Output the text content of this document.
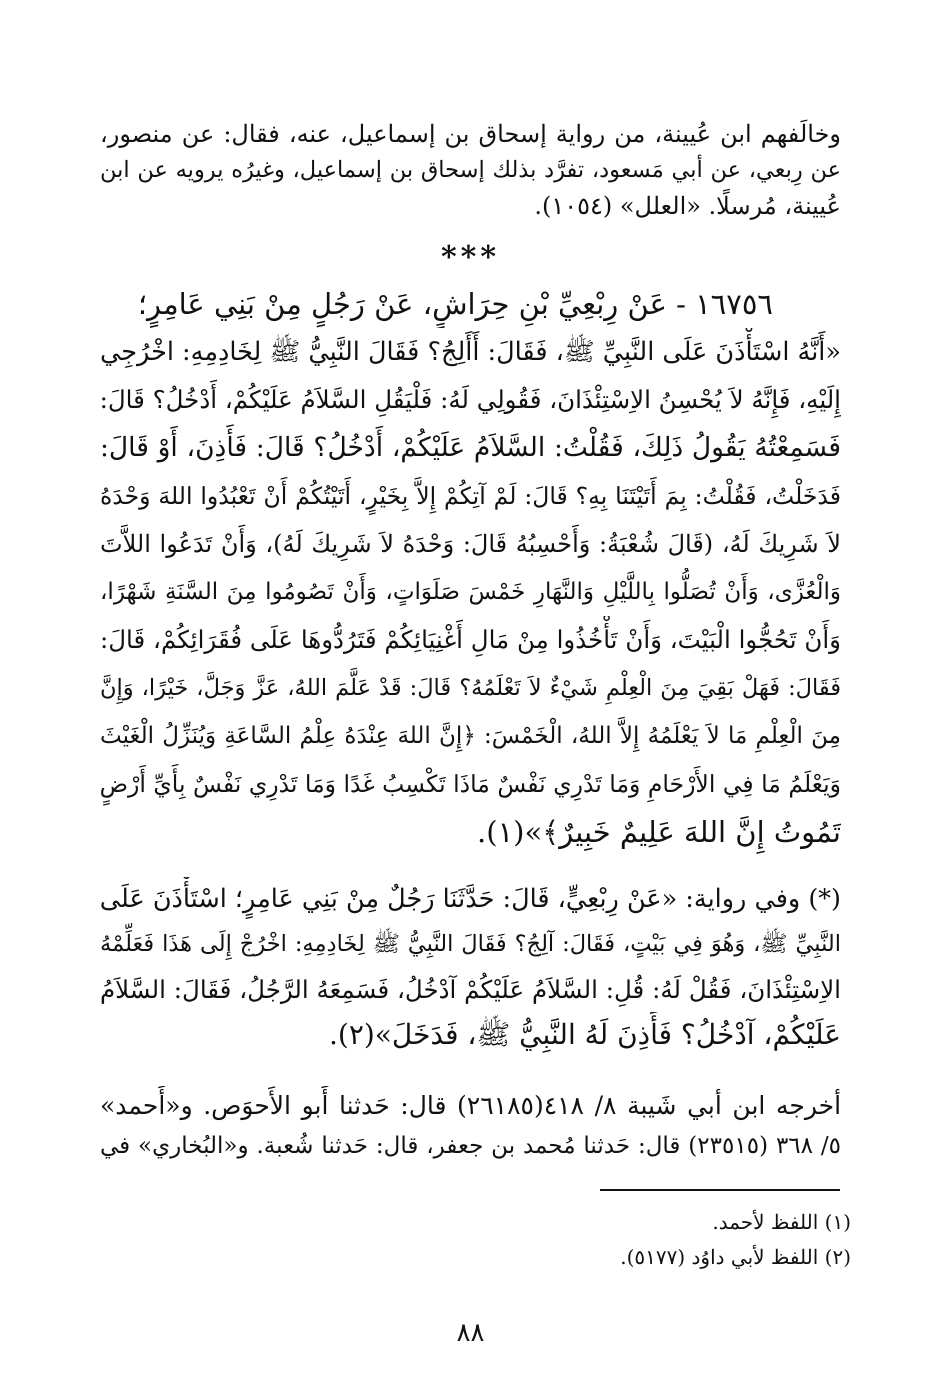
وخالَفهم ابن عُيينة، من رواية إسحاق بن إسماعيل، عنه، فقال: عن منصور،
عن رِبعي، عن أبي مَسعود، تفرَّد بذلك إسحاق بن إسماعيل، وغيرُه يرويه عن ابن
عُيينة، مُرسلًا. «العلل» (١٠٥٤).
***
١٦٧٥٦ - عَنْ رِبْعِيِّ بْنِ حِرَاشٍ، عَنْ رَجُلٍ مِنْ بَنِي عَامِرٍ؛
«أَنَّهُ اسْتَأْذَنَ عَلَى النَّبِيِّ ﷺ، فَقَالَ: أَأَلِجُ؟ فَقَالَ النَّبِيُّ ﷺ لِخَادِمِهِ: اخْرُجِي
إِلَيْهِ، فَإِنَّهُ لاَ يُحْسِنُ الاِسْتِئْذَانَ، فَقُولِي لَهُ: فَلْيَقُلِ السَّلاَمُ عَلَيْكُمْ، أَدْخُلُ؟ قَالَ:
فَسَمِعْتُهُ يَقُولُ ذَلِكَ، فَقُلْتُ: السَّلاَمُ عَلَيْكُمْ، أَدْخُلُ؟ قَالَ: فَأَذِنَ، أَوْ قَالَ:
فَدَخَلْتُ، فَقُلْتُ: بِمَ أَتَيْتَنَا بِهِ؟ قَالَ: لَمْ آتِكُمْ إِلاَّ بِخَيْرٍ، أَتَيْتُكُمْ أَنْ تَعْبُدُوا اللهَ وَحْدَهُ
لاَ شَرِيكَ لَهُ، (قَالَ شُعْبَةُ: وَأَحْسِبُهُ قَالَ: وَحْدَهُ لاَ شَرِيكَ لَهُ)، وَأَنْ تَدَعُوا اللاَّتَ
وَالْعُزَّى، وَأَنْ تُصَلُّوا بِاللَّيْلِ وَالنَّهَارِ خَمْسَ صَلَوَاتٍ، وَأَنْ تَصُومُوا مِنَ السَّنَةِ شَهْرًا،
وَأَنْ تَحُجُّوا الْبَيْتَ، وَأَنْ تَأْخُذُوا مِنْ مَالِ أَغْنِيَائِكُمْ فَتَرُدُّوهَا عَلَى فُقَرَائِكُمْ، قَالَ:
فَقَالَ: فَهَلْ بَقِيَ مِنَ الْعِلْمِ شَيْءٌ لاَ تَعْلَمُهُ؟ قَالَ: قَدْ عَلَّمَ اللهُ، عَزَّ وَجَلَّ، خَيْرًا، وَإِنَّ
مِنَ الْعِلْمِ مَا لاَ يَعْلَمُهُ إِلاَّ اللهُ، الْخَمْسَ: ﴿إِنَّ اللهَ عِنْدَهُ عِلْمُ السَّاعَةِ وَيُنَزِّلُ الْغَيْثَ
وَيَعْلَمُ مَا فِي الأَرْحَامِ وَمَا تَدْرِي نَفْسٌ مَاذَا تَكْسِبُ غَدًا وَمَا تَدْرِي نَفْسٌ بِأَيِّ أَرْضٍ
تَمُوتُ إِنَّ اللهَ عَلِيمٌ خَبِيرٌ﴾»(١).
(*) وفي رواية: «عَنْ رِبْعِيٍّ، قَالَ: حَدَّثَنَا رَجُلٌ مِنْ بَنِي عَامِرٍ؛ اسْتَأْذَنَ عَلَى
النَّبِيِّ ﷺ، وَهُوَ فِي بَيْتٍ، فَقَالَ: آلِجُ؟ فَقَالَ النَّبِيُّ ﷺ لِخَادِمِهِ: اخْرُجْ إِلَى هَذَا فَعَلِّمْهُ
الاِسْتِئْذَانَ، فَقُلْ لَهُ: قُلِ: السَّلاَمُ عَلَيْكُمْ آدْخُلُ، فَسَمِعَهُ الرَّجُلُ، فَقَالَ: السَّلاَمُ
عَلَيْكُمْ، آدْخُلُ؟ فَأَذِنَ لَهُ النَّبِيُّ ﷺ، فَدَخَلَ»(٢).
أخرجه ابن أبي شَيبة ٨/ ٤١٨(٢٦١٨٥) قال: حَدثنا أَبو الأَحوَص. و«أَحمد»
٥/ ٣٦٨ (٢٣٥١٥) قال: حَدثنا مُحمد بن جعفر، قال: حَدثنا شُعبة. و«البُخاري» في
(١) اللفظ لأحمد.
(٢) اللفظ لأبي داوُد (٥١٧٧).
٨٨
